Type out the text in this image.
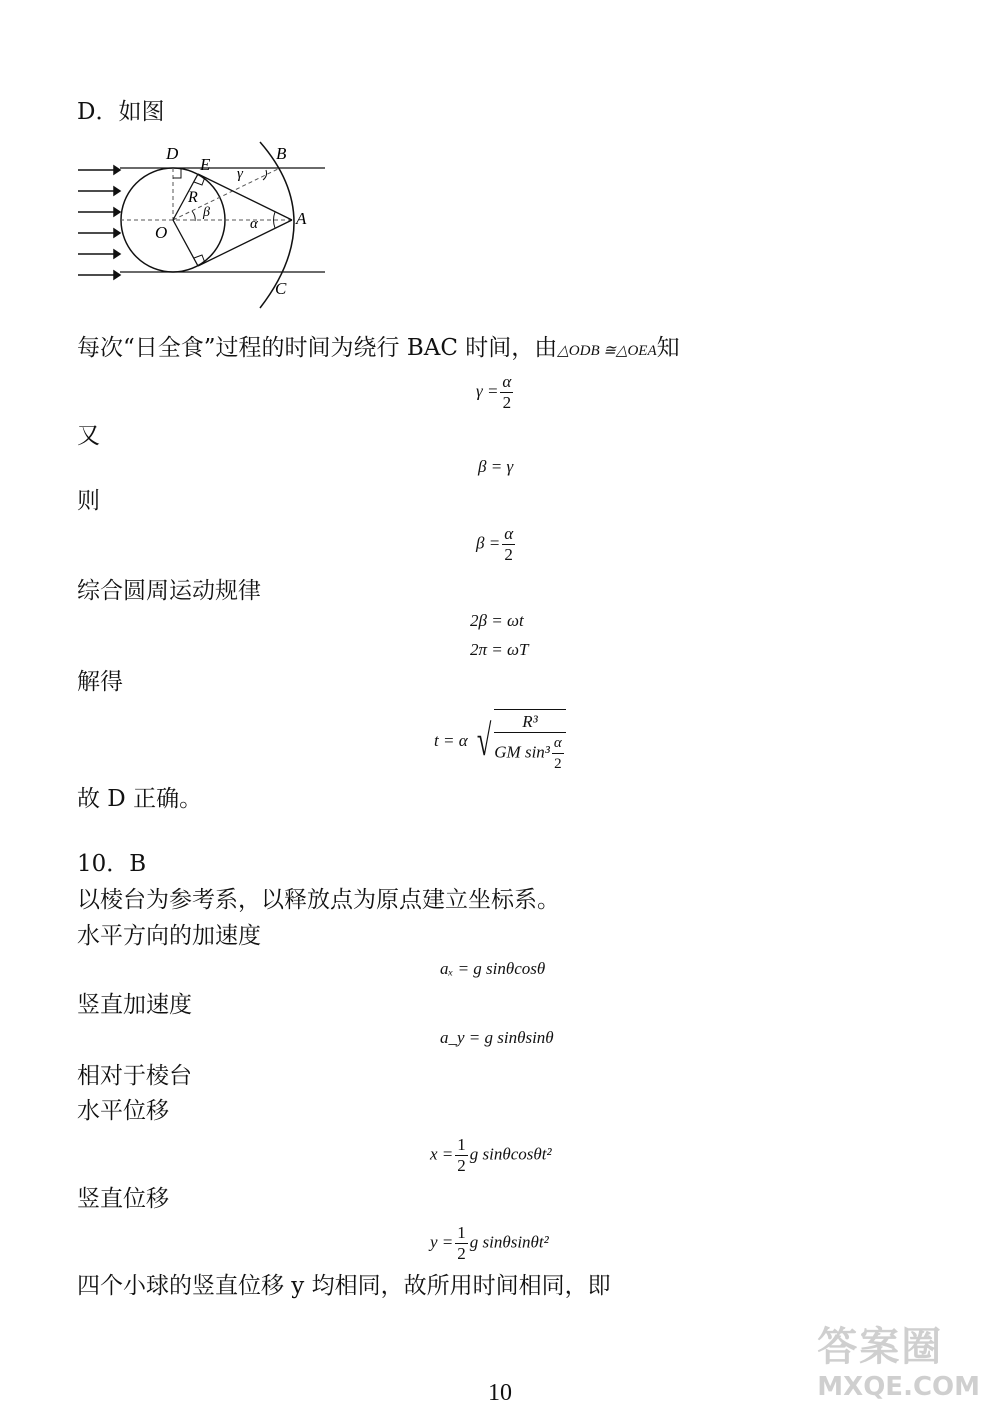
D．如图
D
E
B
γ
R
β
O	α A
C
每次“日全食”过程的时间为绕行 BAC 时间，由△ODB ≅△OEA知
$\gamma = \frac{\alpha}{2}$
又
β = γ
则
$\beta = \frac{\alpha}{2}$
综合圆周运动规律
2β = ωt
2π = ωT
解得
t = α √ $\frac{\text{R³}}{GM \sin^3 \frac{\alpha}{2}}$
故 D 正确。
10．B
以棱台为参考系，以释放点为原点建立坐标系。
水平方向的加速度
aₓ = g sinθcosθ
竖直加速度
a_y = g sinθsinθ
相对于棱台
水平位移
$x = \frac{1}{2}$ g sinθcosθt²
竖直位移
$y = \frac{1}{2}$ g sinθsinθt²
四个小球的竖直位移 y 均相同，故所用时间相同，即
10
答案圈
MXQE.COM
